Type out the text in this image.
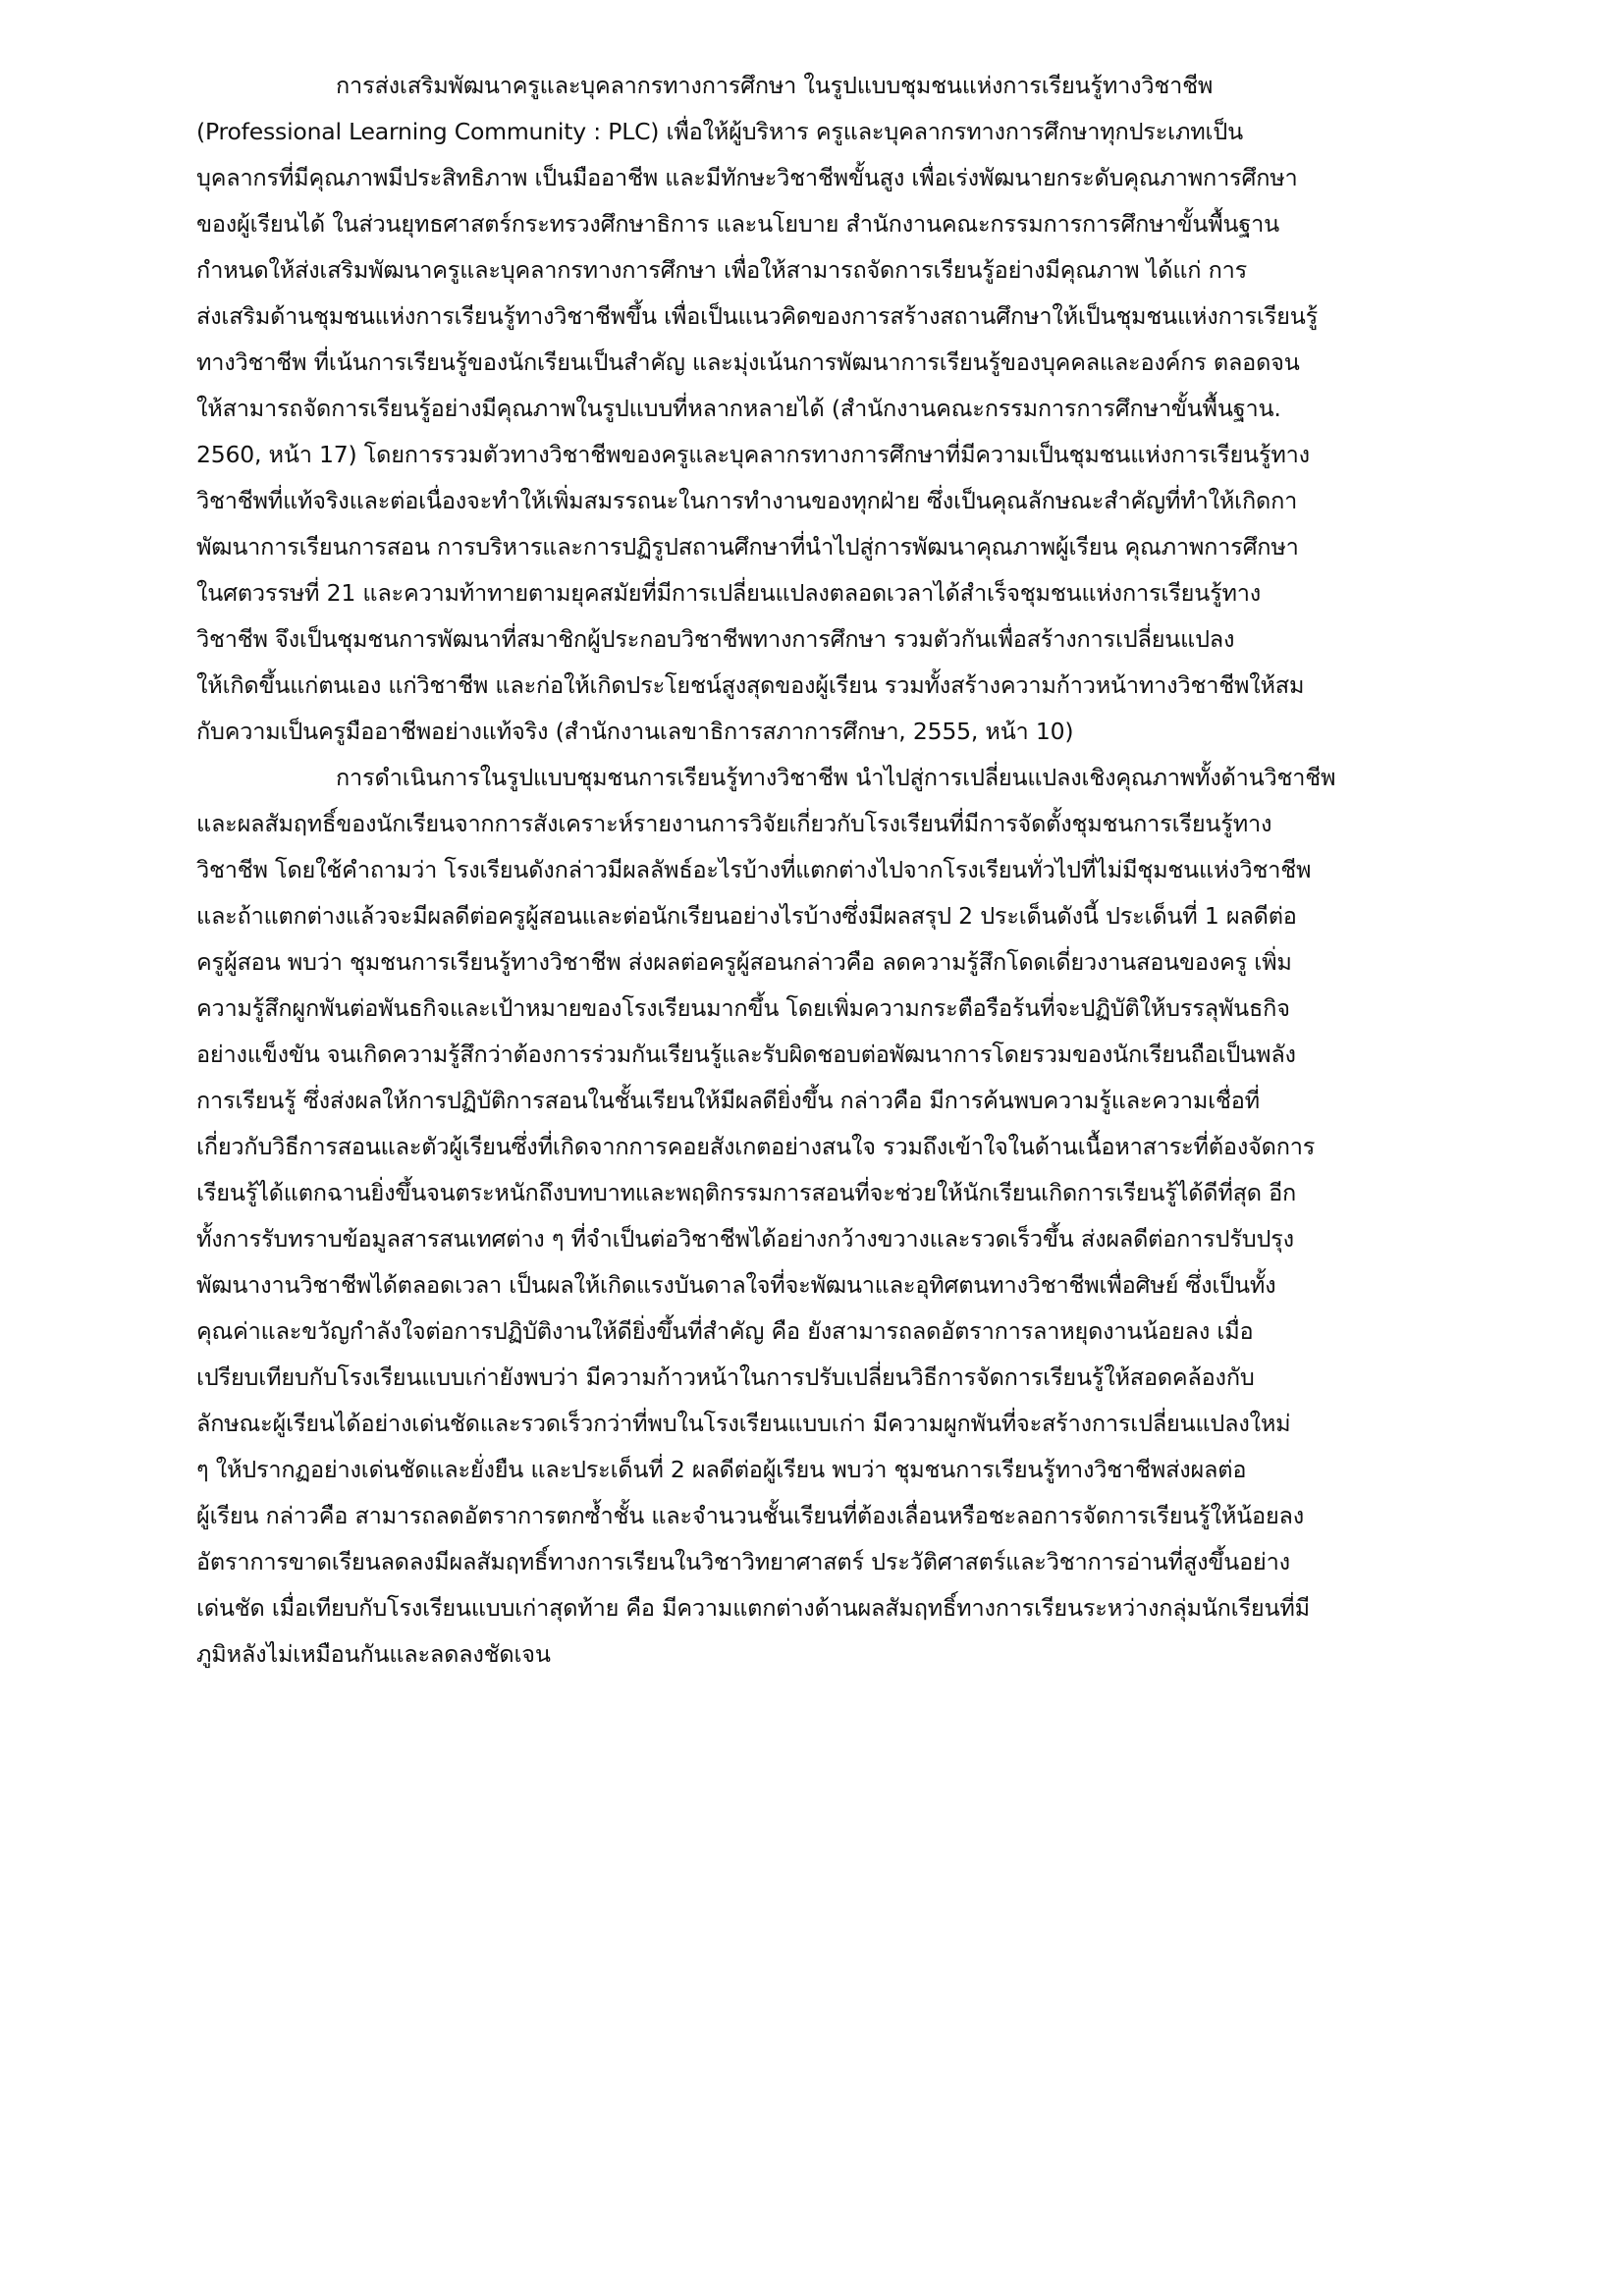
การส่งเสริมพัฒนาครูและบุคลากรทางการศึกษา ในรูปแบบชุมชนแห่งการเรียนรู้ทางวิชาชีพ
(Professional Learning Community : PLC) เพื่อให้ผู้บริหาร ครูและบุคลากรทางการศึกษาทุกประเภทเป็น
บุคลากรที่มีคุณภาพมีประสิทธิภาพ เป็นมืออาชีพ และมีทักษะวิชาชีพขั้นสูง เพื่อเร่งพัฒนายกระดับคุณภาพการศึกษา
ของผู้เรียนได้ ในส่วนยุทธศาสตร์กระทรวงศึกษาธิการ และนโยบาย สำนักงานคณะกรรมการการศึกษาขั้นพื้นฐาน
กำหนดให้ส่งเสริมพัฒนาครูและบุคลากรทางการศึกษา เพื่อให้สามารถจัดการเรียนรู้อย่างมีคุณภาพ ได้แก่ การ
ส่งเสริมด้านชุมชนแห่งการเรียนรู้ทางวิชาชีพขึ้น เพื่อเป็นแนวคิดของการสร้างสถานศึกษาให้เป็นชุมชนแห่งการเรียนรู้
ทางวิชาชีพ ที่เน้นการเรียนรู้ของนักเรียนเป็นสำคัญ และมุ่งเน้นการพัฒนาการเรียนรู้ของบุคคลและองค์กร ตลอดจน
ให้สามารถจัดการเรียนรู้อย่างมีคุณภาพในรูปแบบที่หลากหลายได้ (สำนักงานคณะกรรมการการศึกษาขั้นพื้นฐาน.
2560, หน้า 17) โดยการรวมตัวทางวิชาชีพของครูและบุคลากรทางการศึกษาที่มีความเป็นชุมชนแห่งการเรียนรู้ทาง
วิชาชีพที่แท้จริงและต่อเนื่องจะทำให้เพิ่มสมรรถนะในการทำงานของทุกฝ่าย ซึ่งเป็นคุณลักษณะสำคัญที่ทำให้เกิดกา
พัฒนาการเรียนการสอน การบริหารและการปฏิรูปสถานศึกษาที่นำไปสู่การพัฒนาคุณภาพผู้เรียน คุณภาพการศึกษา
ในศตวรรษที่ 21 และความท้าทายตามยุคสมัยที่มีการเปลี่ยนแปลงตลอดเวลาได้สำเร็จชุมชนแห่งการเรียนรู้ทาง
วิชาชีพ จึงเป็นชุมชนการพัฒนาที่สมาชิกผู้ประกอบวิชาชีพทางการศึกษา รวมตัวกันเพื่อสร้างการเปลี่ยนแปลง
ให้เกิดขึ้นแก่ตนเอง แก่วิชาชีพ และก่อให้เกิดประโยชน์สูงสุดของผู้เรียน รวมทั้งสร้างความก้าวหน้าทางวิชาชีพให้สม
กับความเป็นครูมืออาชีพอย่างแท้จริง (สำนักงานเลขาธิการสภาการศึกษา, 2555, หน้า 10)
การดำเนินการในรูปแบบชุมชนการเรียนรู้ทางวิชาชีพ นำไปสู่การเปลี่ยนแปลงเชิงคุณภาพทั้งด้านวิชาชีพ
และผลสัมฤทธิ์ของนักเรียนจากการสังเคราะห์รายงานการวิจัยเกี่ยวกับโรงเรียนที่มีการจัดตั้งชุมชนการเรียนรู้ทาง
วิชาชีพ โดยใช้คำถามว่า โรงเรียนดังกล่าวมีผลลัพธ์อะไรบ้างที่แตกต่างไปจากโรงเรียนทั่วไปที่ไม่มีชุมชนแห่งวิชาชีพ
และถ้าแตกต่างแล้วจะมีผลดีต่อครูผู้สอนและต่อนักเรียนอย่างไรบ้างซึ่งมีผลสรุป 2 ประเด็นดังนี้ ประเด็นที่ 1 ผลดีต่อ
ครูผู้สอน พบว่า ชุมชนการเรียนรู้ทางวิชาชีพ ส่งผลต่อครูผู้สอนกล่าวคือ ลดความรู้สึกโดดเดี่ยวงานสอนของครู เพิ่ม
ความรู้สึกผูกพันต่อพันธกิจและเป้าหมายของโรงเรียนมากขึ้น โดยเพิ่มความกระตือรือร้นที่จะปฏิบัติให้บรรลุพันธกิจ
อย่างแข็งขัน จนเกิดความรู้สึกว่าต้องการร่วมกันเรียนรู้และรับผิดชอบต่อพัฒนาการโดยรวมของนักเรียนถือเป็นพลัง
การเรียนรู้ ซึ่งส่งผลให้การปฏิบัติการสอนในชั้นเรียนให้มีผลดียิ่งขึ้น กล่าวคือ มีการค้นพบความรู้และความเชื่อที่
เกี่ยวกับวิธีการสอนและตัวผู้เรียนซึ่งที่เกิดจากการคอยสังเกตอย่างสนใจ รวมถึงเข้าใจในด้านเนื้อหาสาระที่ต้องจัดการ
เรียนรู้ได้แตกฉานยิ่งขึ้นจนตระหนักถึงบทบาทและพฤติกรรมการสอนที่จะช่วยให้นักเรียนเกิดการเรียนรู้ได้ดีที่สุด อีก
ทั้งการรับทราบข้อมูลสารสนเทศต่าง ๆ ที่จำเป็นต่อวิชาชีพได้อย่างกว้างขวางและรวดเร็วขึ้น ส่งผลดีต่อการปรับปรุง
พัฒนางานวิชาชีพได้ตลอดเวลา เป็นผลให้เกิดแรงบันดาลใจที่จะพัฒนาและอุทิศตนทางวิชาชีพเพื่อศิษย์ ซึ่งเป็นทั้ง
คุณค่าและขวัญกำลังใจต่อการปฏิบัติงานให้ดียิ่งขึ้นที่สำคัญ คือ ยังสามารถลดอัตราการลาหยุดงานน้อยลง เมื่อ
เปรียบเทียบกับโรงเรียนแบบเก่ายังพบว่า มีความก้าวหน้าในการปรับเปลี่ยนวิธีการจัดการเรียนรู้ให้สอดคล้องกับ
ลักษณะผู้เรียนได้อย่างเด่นชัดและรวดเร็วกว่าที่พบในโรงเรียนแบบเก่า มีความผูกพันที่จะสร้างการเปลี่ยนแปลงใหม่
ๆ ให้ปรากฏอย่างเด่นชัดและยั่งยืน และประเด็นที่ 2 ผลดีต่อผู้เรียน พบว่า ชุมชนการเรียนรู้ทางวิชาชีพส่งผลต่อ
ผู้เรียน กล่าวคือ สามารถลดอัตราการตกซ้ำชั้น และจำนวนชั้นเรียนที่ต้องเลื่อนหรือชะลอการจัดการเรียนรู้ให้น้อยลง
อัตราการขาดเรียนลดลงมีผลสัมฤทธิ์ทางการเรียนในวิชาวิทยาศาสตร์ ประวัติศาสตร์และวิชาการอ่านที่สูงขึ้นอย่าง
เด่นชัด เมื่อเทียบกับโรงเรียนแบบเก่าสุดท้าย คือ มีความแตกต่างด้านผลสัมฤทธิ์ทางการเรียนระหว่างกลุ่มนักเรียนที่มี
ภูมิหลังไม่เหมือนกันและลดลงชัดเจน
